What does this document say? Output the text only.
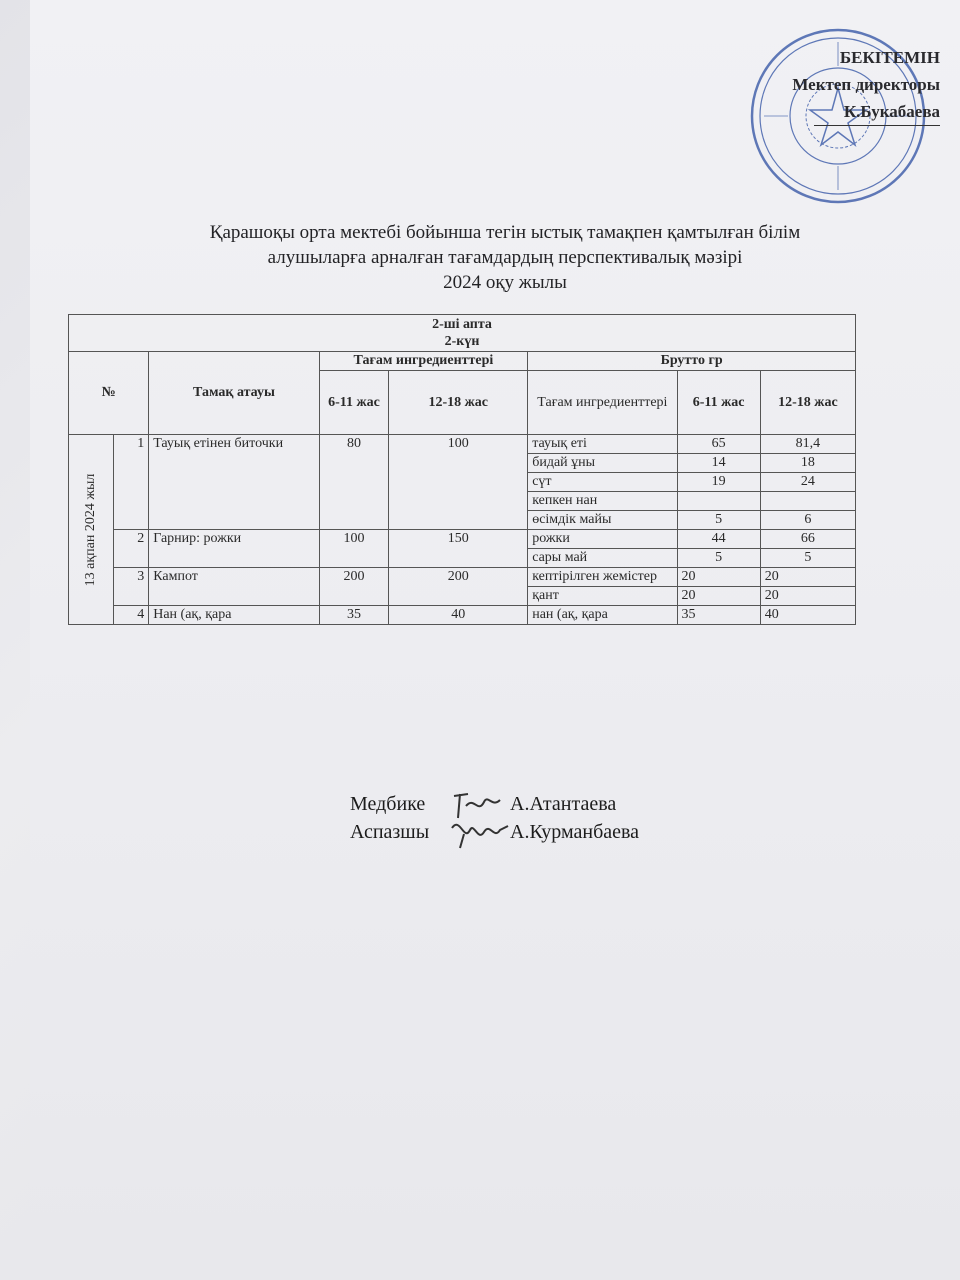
БЕКІТЕМІН
Мектеп директоры
К.Букабаева
Қарашоқы орта мектебі бойынша тегін ыстық тамақпен қамтылған білім
алушыларға арналған тағамдардың перспективалық мәзірі
2024 оқу жылы
2-ші апта
2-күн							

№		Тамақ атауы	Тағам ингредиенттері		Брутто гр		
			6-11 жас	12-18 жас	Тағам ингредиенттері	6-11 жас	12-18 жас

13 ақпан 2024 жыл	1	Тауық етінен биточки	80	100	тауық еті	65	81,4
					бидай ұны	14	18
					сүт	19	24
					кепкен нан		
					өсімдік майы	5	6
	2	Гарнир: рожки	100	150	рожки	44	66
					сары май	5	5
	3	Кампот	200	200	кептірілген жемістер	20	20
					қант	20	20
	4	Нан (ақ, қара	35	40	нан (ақ, қара	35	40
Медбике	А.Атантаева
Аспазшы	А.Курманбаева
